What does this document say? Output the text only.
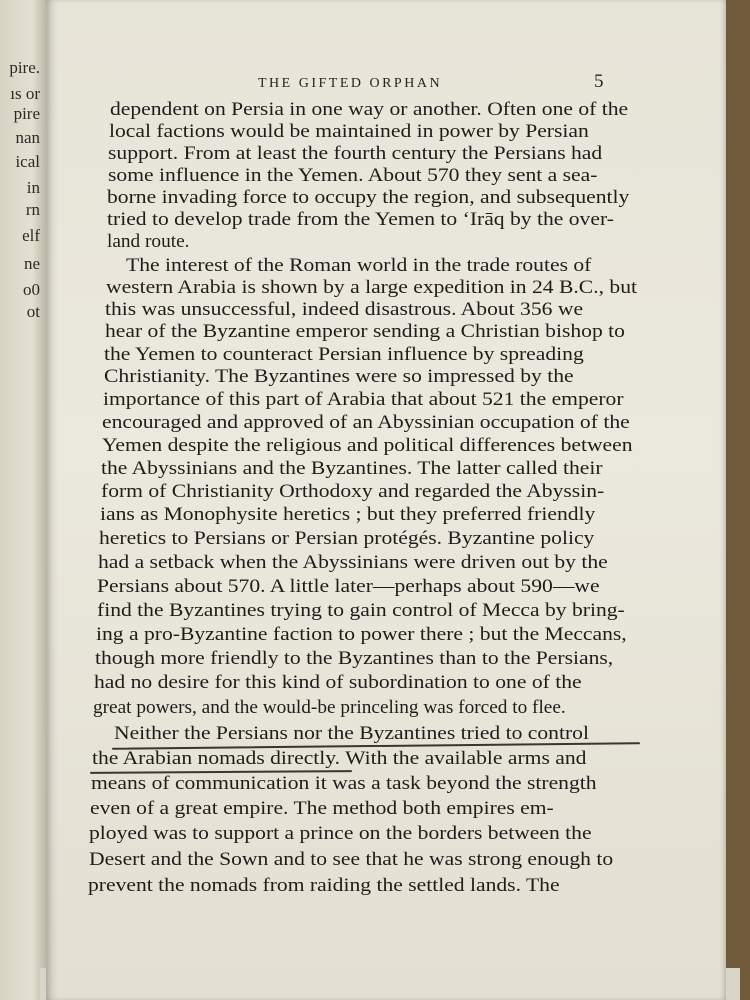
pire.
ıs or
pire
nan
ical
in
rn
elf
ne
o0
ot
THE GIFTED ORPHAN	5
dependent on Persia in one way or another. Often one of the
local factions would be maintained in power by Persian
support. From at least the fourth century the Persians had
some influence in the Yemen. About 570 they sent a sea-
borne invading force to occupy the region, and subsequently
tried to develop trade from the Yemen to ‘Irāq by the over-
land route.
The interest of the Roman world in the trade routes of
western Arabia is shown by a large expedition in 24 B.C., but
this was unsuccessful, indeed disastrous. About 356 we
hear of the Byzantine emperor sending a Christian bishop to
the Yemen to counteract Persian influence by spreading
Christianity. The Byzantines were so impressed by the
importance of this part of Arabia that about 521 the emperor
encouraged and approved of an Abyssinian occupation of the
Yemen despite the religious and political differences between
the Abyssinians and the Byzantines. The latter called their
form of Christianity Orthodoxy and regarded the Abyssin-
ians as Monophysite heretics ; but they preferred friendly
heretics to Persians or Persian protégés. Byzantine policy
had a setback when the Abyssinians were driven out by the
Persians about 570. A little later—perhaps about 590—we
find the Byzantines trying to gain control of Mecca by bring-
ing a pro-Byzantine faction to power there ; but the Meccans,
though more friendly to the Byzantines than to the Persians,
had no desire for this kind of subordination to one of the
great powers, and the would-be princeling was forced to flee.
Neither the Persians nor the Byzantines tried to control
the Arabian nomads directly. With the available arms and
means of communication it was a task beyond the strength
even of a great empire. The method both empires em-
ployed was to support a prince on the borders between the
Desert and the Sown and to see that he was strong enough to
prevent the nomads from raiding the settled lands. The
